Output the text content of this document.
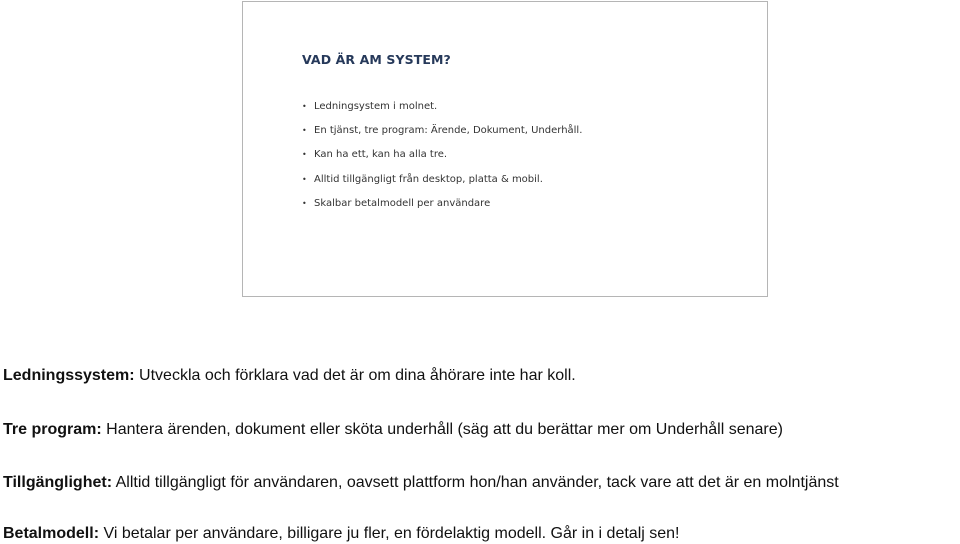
VAD ÄR AM SYSTEM?
• Ledningsystem i molnet.
• En tjänst, tre program: Ärende, Dokument, Underhåll.
• Kan ha ett, kan ha alla tre.
• Alltid tillgängligt från desktop, platta & mobil.
• Skalbar betalmodell per användare

Ledningssystem: Utveckla och förklara vad det är om dina åhörare inte har koll.

Tre program: Hantera ärenden, dokument eller sköta underhåll (säg att du berättar mer om Underhåll senare)

Tillgänglighet: Alltid tillgängligt för användaren, oavsett plattform hon/han använder, tack vare att det är en molntjänst

Betalmodell: Vi betalar per användare, billigare ju fler, en fördelaktig modell. Går in i detalj sen!
